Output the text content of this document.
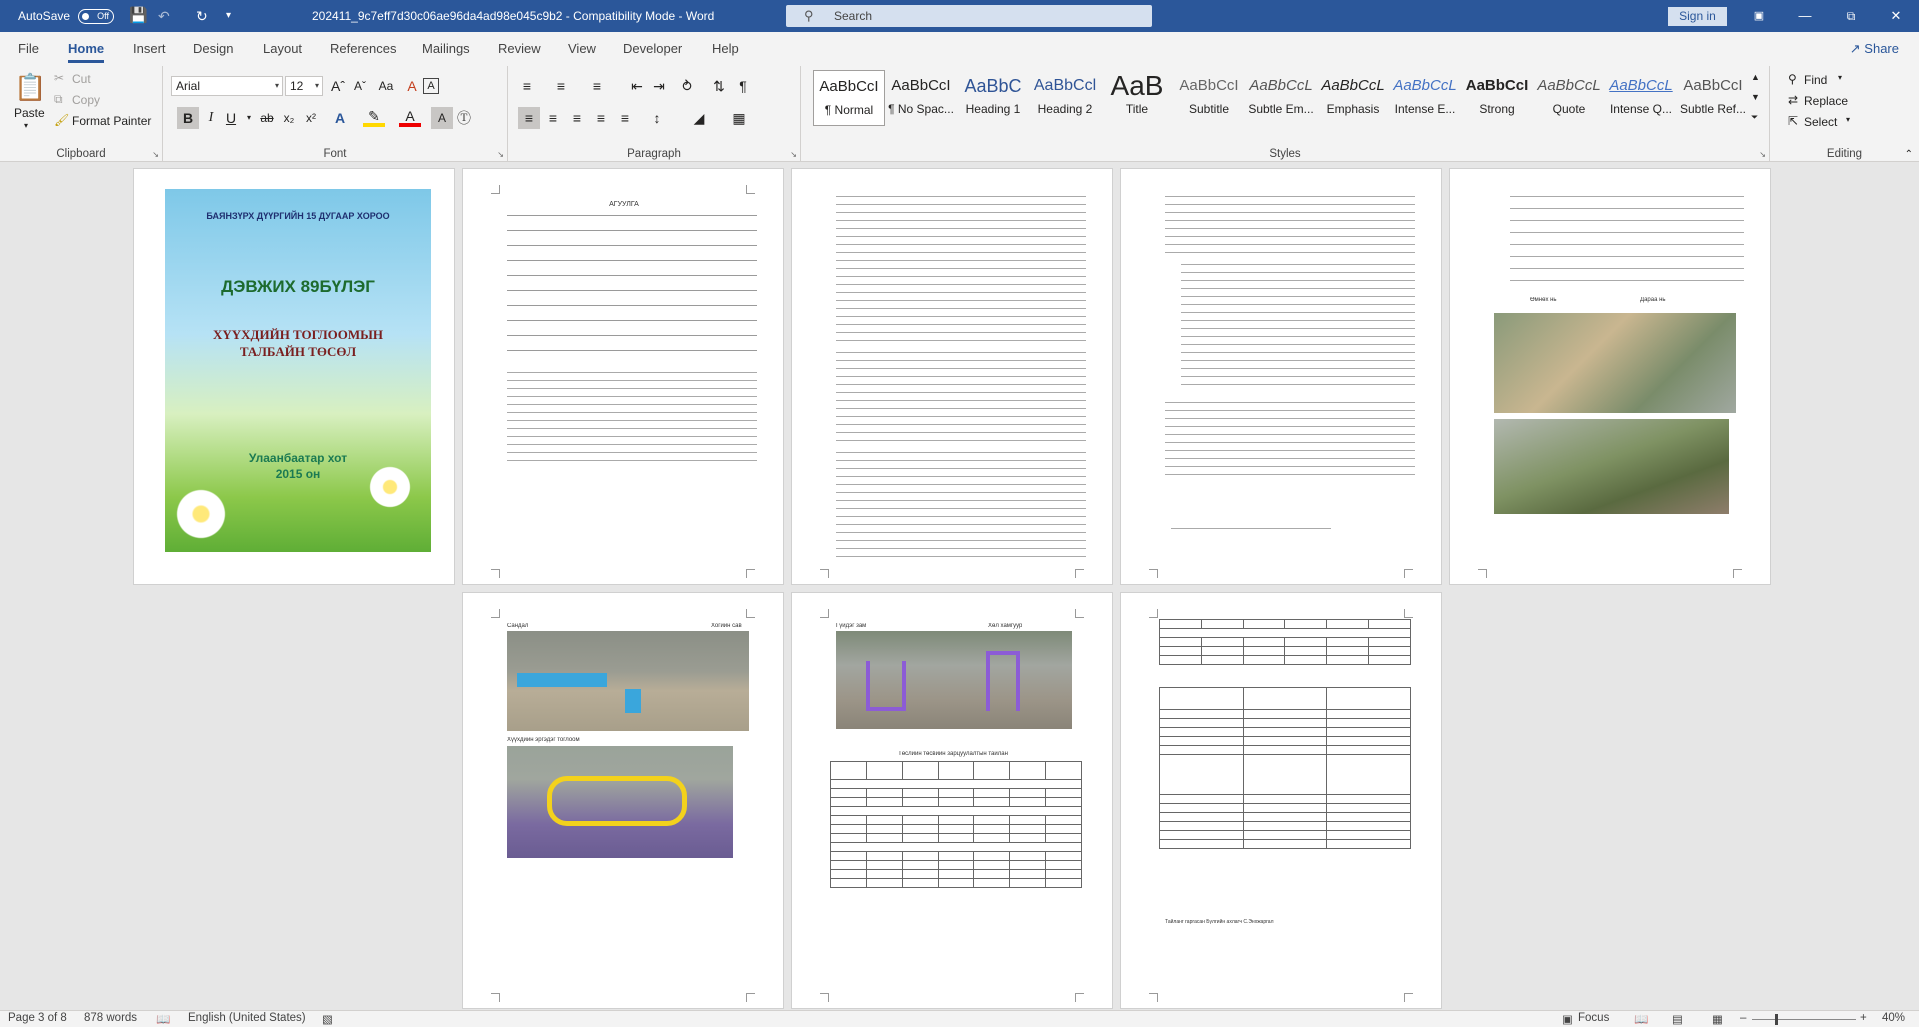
AutoSave	Off	💾 ↶ ↻ ▾	202411_9c7eff7d30c06ae96da4ad98e045c9b2 - Compatibility Mode - Word	⚲ Search	Sign in	▣	—	⧉	✕
File Home Insert Design Layout References Mailings Review View Developer Help	↗ Share
📋
Paste
▾
✂ Cut
⧉ Copy
🖌 Format Painter
Clipboard	↘
Arial	▾ 12 ▾ Aˆ Aˇ	Aa A A
B	I U	▾ ab x₂ x²	A	✎	A	A Ⓣ
Font	↘
≡	≡	≡	⇤ ⇥	⥁	⇅	¶
≡	≡	≡	≡	≡	↕	◢	▦
Paragraph	↘
AaBbCcI
¶ Normal
AaBbCcI
¶ No Spac...
AaBbC
Heading 1
AaBbCcl
Heading 2
AaB
Title
AaBbCcI
Subtitle
AaBbCcL
Subtle Em...
AaBbCcL
Emphasis
AaBbCcL
Intense E...
AaBbCcI
Strong
AaBbCcL
Quote
AaBbCcL
Intense Q...
AaBbCcI
Subtle Ref...
▲
▼
⏷
Styles	↘
⚲ Find ▾
⇄ Replace
⇱ Select ▾
Editing	⌃
БАЯНЗҮРХ ДҮҮРГИЙН 15 ДУГААР ХОРОО
ДЭВЖИХ 89БҮЛЭГ
ХҮҮХДИЙН ТОГЛООМЫН
ТАЛБАЙН ТӨСӨЛ
Улаанбаатар хот
2015 он
АГУУЛГА
Өмнөх нь	Дараа нь
Сандал	Хогийн сав
Хүүхдийн эргэдэг тоглоом
Гүйдэг зам	Хөл хамгуур
Төслийн төсвийн зарцуулалтын тайлан

Тайланг гаргасан Бүлгийн ахлагч С.Энхжаргал
Page 3 of 8 878 words 📖 English (United States) ▧	▣ Focus 📖 ▤	▦ –	+ 40%
